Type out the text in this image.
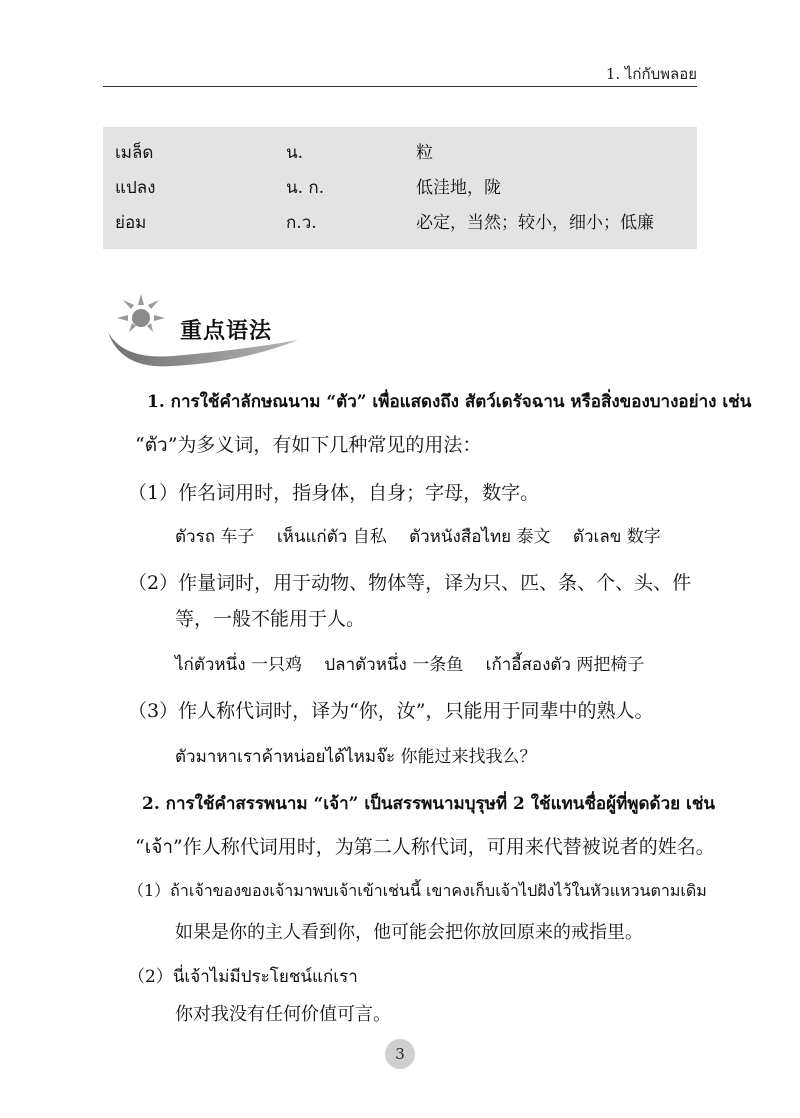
1. ไก่กับพลอย
เมล็ด	น.	粒
แปลง	น. ก.	低洼地，陇
ย่อม	ก.ว.	必定，当然；较小，细小；低廉
重点语法
1. การใช้คำลักษณนาม “ตัว” เพื่อแสดงถึง สัตว์เดรัจฉาน หรือสิ่งของบางอย่าง เช่น
“ตัว”为多义词，有如下几种常见的用法：
（1）作名词用时，指身体，自身；字母，数字。
ตัวรถ 车子　 เห็นแก่ตัว 自私　 ตัวหนังสือไทย 泰文　 ตัวเลข 数字
（2）作量词时，用于动物、物体等，译为只、匹、条、个、头、件
等，一般不能用于人。
ไก่ตัวหนึ่ง 一只鸡　 ปลาตัวหนึ่ง 一条鱼　 เก้าอี้สองตัว 两把椅子
（3）作人称代词时，译为“你，汝”，只能用于同辈中的熟人。
ตัวมาหาเราค้าหน่อยได้ไหมจ๊ะ 你能过来找我么？
2. การใช้คำสรรพนาม “เจ้า” เป็นสรรพนามบุรุษที่ 2 ใช้แทนชื่อผู้ที่พูดด้วย เช่น
“เจ้า”作人称代词用时，为第二人称代词，可用来代替被说者的姓名。
（1）ถ้าเจ้าของของเจ้ามาพบเจ้าเข้าเช่นนี้ เขาคงเก็บเจ้าไปฝังไว้ในหัวแหวนตามเดิม
如果是你的主人看到你，他可能会把你放回原来的戒指里。
（2）นี่เจ้าไม่มีประโยชน์แก่เรา
你对我没有任何价值可言。
3
